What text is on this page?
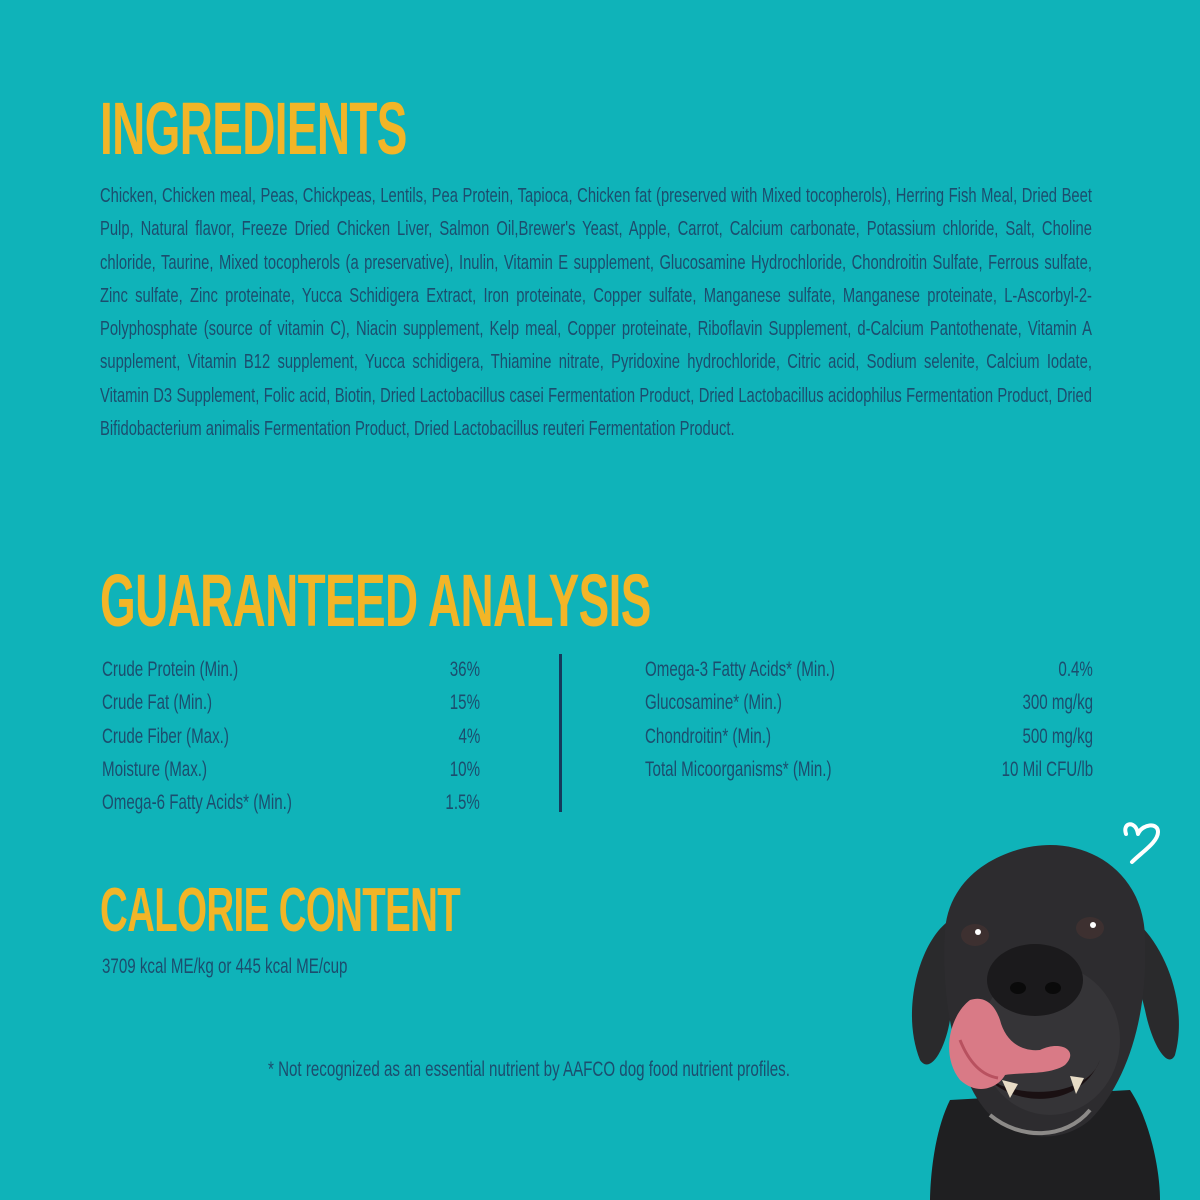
INGREDIENTS
Chicken, Chicken meal, Peas, Chickpeas, Lentils, Pea Protein, Tapioca, Chicken fat (preserved with Mixed tocopherols), Herring Fish Meal, Dried Beet Pulp, Natural flavor, Freeze Dried Chicken Liver, Salmon Oil,Brewer's Yeast, Apple, Carrot, Calcium carbonate, Potassium chloride, Salt, Choline chloride, Taurine, Mixed tocopherols (a preservative), Inulin, Vitamin E supplement, Glucosamine Hydrochloride, Chondroitin Sulfate, Ferrous sulfate, Zinc sulfate, Zinc proteinate, Yucca Schidigera Extract, Iron proteinate, Copper sulfate, Manganese sulfate, Manganese proteinate, L-Ascorbyl-2-Polyphosphate (source of vitamin C), Niacin supplement, Kelp meal, Copper proteinate, Riboflavin Supplement, d-Calcium Pantothenate, Vitamin A supplement, Vitamin B12 supplement, Yucca schidigera, Thiamine nitrate, Pyridoxine hydrochloride, Citric acid, Sodium selenite, Calcium Iodate, Vitamin D3 Supplement, Folic acid, Biotin, Dried Lactobacillus casei Fermentation Product, Dried Lactobacillus acidophilus Fermentation Product, Dried Bifidobacterium animalis Fermentation Product, Dried Lactobacillus reuteri Fermentation Product.
GUARANTEED ANALYSIS
Crude Protein (Min.)	36%
Crude Fat (Min.)	15%
Crude Fiber (Max.)	4%
Moisture (Max.)	10%
Omega-6 Fatty Acids* (Min.)	1.5%
Omega-3 Fatty Acids* (Min.)	0.4%
Glucosamine* (Min.)	300 mg/kg
Chondroitin* (Min.)	500 mg/kg
Total Micoorganisms* (Min.)	10 Mil CFU/lb
CALORIE CONTENT
3709 kcal ME/kg or 445 kcal ME/cup
* Not recognized as an essential nutrient by AAFCO dog food nutrient profiles.
